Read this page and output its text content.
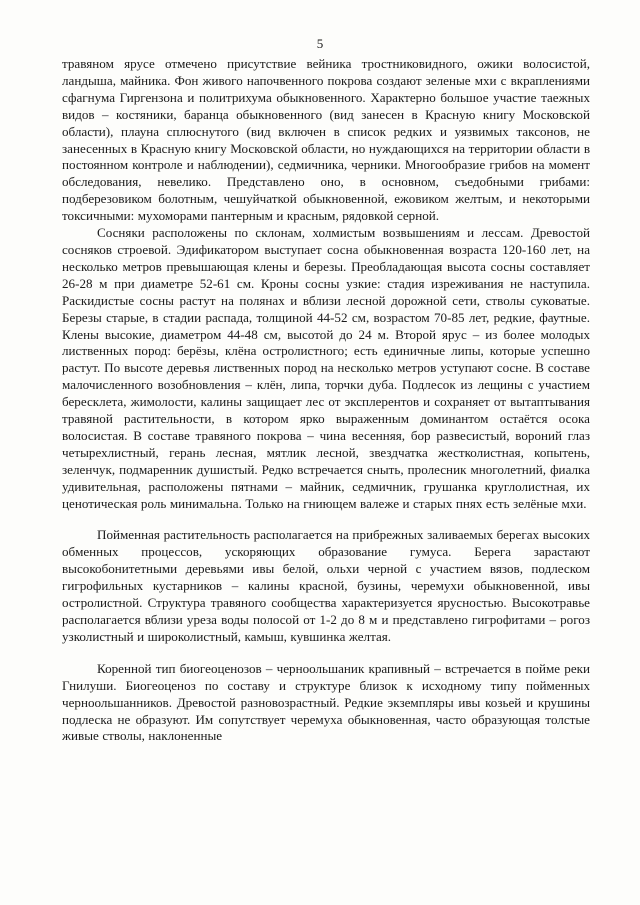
5

травяном ярусе отмечено присутствие вейника тростниковидного, ожики волосистой, ландыша, майника. Фон живого напочвенного покрова создают зеленые мхи с вкраплениями сфагнума Гиргензона и политрихума обыкновенного. Характерно большое участие таежных видов – костяники, баранца обыкновенного (вид занесен в Красную книгу Московской области), плауна сплюснутого (вид включен в список редких и уязвимых таксонов, не занесенных в Красную книгу Московской области, но нуждающихся на территории области в постоянном контроле и наблюдении), седмичника, черники. Многообразие грибов на момент обследования, невелико. Представлено оно, в основном, съедобными грибами: подберезовиком болотным, чешуйчаткой обыкновенной, ежовиком желтым, и некоторыми токсичными: мухоморами пантерным и красным, рядовкой серной.

Сосняки расположены по склонам, холмистым возвышениям и лессам. Древостой сосняков строевой. Эдификатором выступает сосна обыкновенная возраста 120-160 лет, на несколько метров превышающая клены и березы. Преобладающая высота сосны составляет 26-28 м при диаметре 52-61 см. Кроны сосны узкие: стадия изреживания не наступила. Раскидистые сосны растут на полянах и вблизи лесной дорожной сети, стволы суковатые. Березы старые, в стадии распада, толщиной 44-52 см, возрастом 70-85 лет, редкие, фаутные. Клены высокие, диаметром 44-48 см, высотой до 24 м. Второй ярус – из более молодых лиственных пород: берёзы, клёна остролистного; есть единичные липы, которые успешно растут. По высоте деревья лиственных пород на несколько метров уступают сосне. В составе малочисленного возобновления – клён, липа, торчки дуба. Подлесок из лещины с участием бересклета, жимолости, калины защищает лес от эксплерентов и сохраняет от вытаптывания травяной растительности, в котором ярко выраженным доминантом остаётся осока волосистая. В составе травяного покрова – чина весенняя, бор развесистый, вороний глаз четырехлистный, герань лесная, мятлик лесной, звездчатка жестколистная, копытень, зеленчук, подмаренник душистый. Редко встречается сныть, пролесник многолетний, фиалка удивительная, расположены пятнами – майник, седмичник, грушанка круглолистная, их ценотическая роль минимальна. Только на гниющем валеже и старых пнях есть зелёные мхи.

Пойменная растительность располагается на прибрежных заливаемых берегах высоких обменных процессов, ускоряющих образование гумуса. Берега зарастают высокобонитетными деревьями ивы белой, ольхи черной с участием вязов, подлеском гигрофильных кустарников – калины красной, бузины, черемухи обыкновенной, ивы остролистной. Структура травяного сообщества характеризуется ярусностью. Высокотравье располагается вблизи уреза воды полосой от 1-2 до 8 м и представлено гигрофитами – рогоз узколистный и широколистный, камыш, кувшинка желтая.

Коренной тип биогеоценозов – черноольшаник крапивный – встречается в пойме реки Гнилуши. Биогеоценоз по составу и структуре близок к исходному типу пойменных черноольшанников. Древостой разновозрастный. Редкие экземпляры ивы козьей и крушины подлеска не образуют. Им сопутствует черемуха обыкновенная, часто образующая толстые живые стволы, наклоненные
